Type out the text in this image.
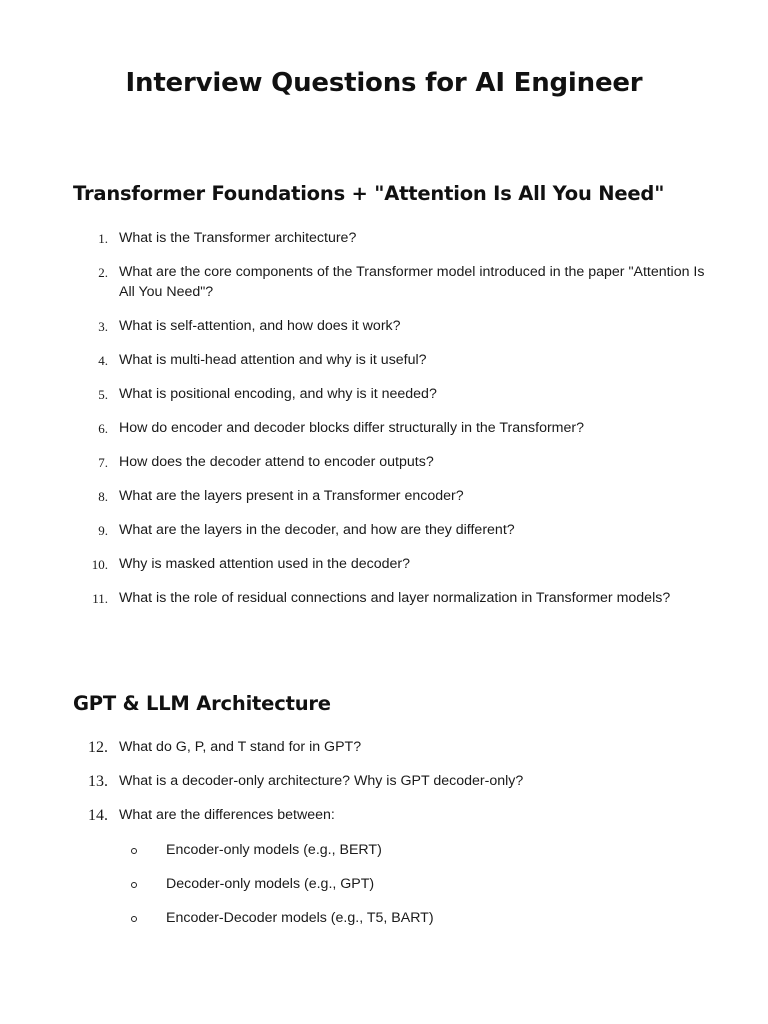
Interview Questions for AI Engineer
Transformer Foundations + "Attention Is All You Need"
1. What is the Transformer architecture?
2. What are the core components of the Transformer model introduced in the paper "Attention Is All You Need"?
3. What is self-attention, and how does it work?
4. What is multi-head attention and why is it useful?
5. What is positional encoding, and why is it needed?
6. How do encoder and decoder blocks differ structurally in the Transformer?
7. How does the decoder attend to encoder outputs?
8. What are the layers present in a Transformer encoder?
9. What are the layers in the decoder, and how are they different?
10. Why is masked attention used in the decoder?
11. What is the role of residual connections and layer normalization in Transformer models?
GPT & LLM Architecture
12. What do G, P, and T stand for in GPT?
13. What is a decoder-only architecture? Why is GPT decoder-only?
14. What are the differences between:
Encoder-only models (e.g., BERT)
Decoder-only models (e.g., GPT)
Encoder-Decoder models (e.g., T5, BART)
